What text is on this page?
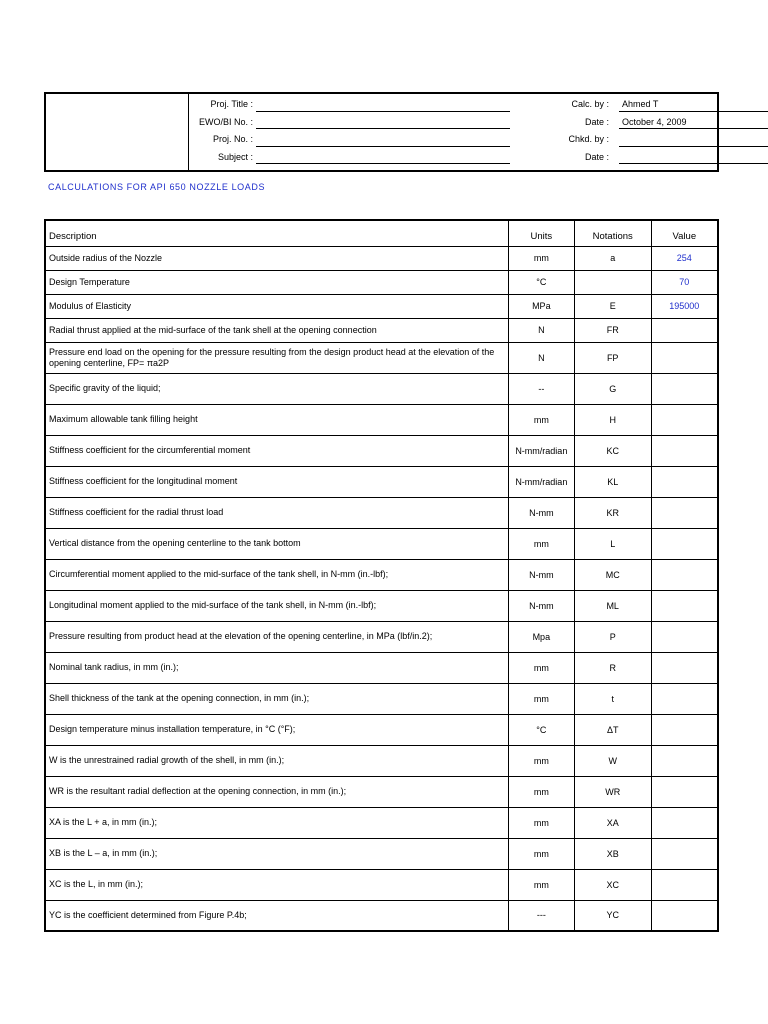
Proj. Title :	Calc. by : Ahmed T
EWO/BI No. :	Date : October 4, 2009
Proj. No. :	Chkd. by :
Subject :	Date :
CALCULATIONS FOR API 650 NOZZLE LOADS
Description	Units	Notations	Value
Outside radius of the Nozzle	mm	a	254
Design Temperature	°C		70
Modulus of Elasticity	MPa	E	195000
Radial thrust applied at the mid-surface of the tank shell at the opening connection	N	FR	
Pressure end load on the opening for the pressure resulting from the design product head at the elevation of the opening centerline, FP= πa2P	N	FP	
Specific gravity of the liquid;	--	G	
Maximum allowable tank filling height	mm	H	
Stiffness coefficient for the circumferential moment	N-mm/radian	KC	
Stiffness coefficient for the longitudinal moment	N-mm/radian	KL	
Stiffness coefficient for the radial thrust load	N-mm	KR	
Vertical distance from the opening centerline to the tank bottom	mm	L	
Circumferential moment applied to the mid-surface of the tank shell, in N-mm (in.-lbf);	N-mm	MC	
Longitudinal moment applied to the mid-surface of the tank shell, in N-mm (in.-lbf);	N-mm	ML	
Pressure resulting from product head at the elevation of the opening centerline, in MPa (lbf/in.2);	Mpa	P	
Nominal tank radius, in mm (in.);	mm	R	
Shell thickness of the tank at the opening connection, in mm (in.);	mm	t	
Design temperature minus installation temperature, in °C (°F);	°C	ΔT	
W is the unrestrained radial growth of the shell, in mm (in.);	mm	W	
WR is the resultant radial deflection at the opening connection, in mm (in.);	mm	WR	
XA is the L + a, in mm (in.);	mm	XA	
XB is the L – a, in mm (in.);	mm	XB	
XC is the L, in mm (in.);	mm	XC	
YC is the coefficient determined from Figure P.4b;	---	YC	
